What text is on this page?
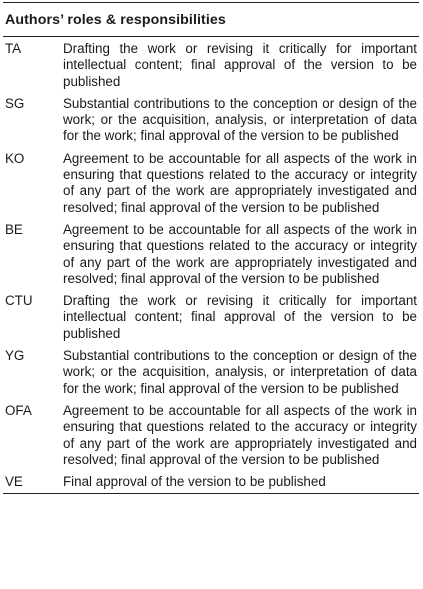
Authors’ roles & responsibilities
TA	Drafting the work or revising it critically for important intellectual content; final approval of the version to be published
SG	Substantial contributions to the conception or design of the work; or the acquisition, analysis, or interpretation of data for the work; final approval of the version to be published
KO	Agreement to be accountable for all aspects of the work in ensuring that questions related to the accuracy or integrity of any part of the work are appropriately investigated and resolved; final approval of the version to be published
BE	Agreement to be accountable for all aspects of the work in ensuring that questions related to the accuracy or integrity of any part of the work are appropriately investigated and resolved; final approval of the version to be published
CTU	Drafting the work or revising it critically for important intellectual content; final approval of the version to be published
YG	Substantial contributions to the conception or design of the work; or the acquisition, analysis, or interpretation of data for the work; final approval of the version to be published
OFA	Agreement to be accountable for all aspects of the work in ensuring that questions related to the accuracy or integrity of any part of the work are appropriately investigated and resolved; final approval of the version to be published
VE	Final approval of the version to be published
